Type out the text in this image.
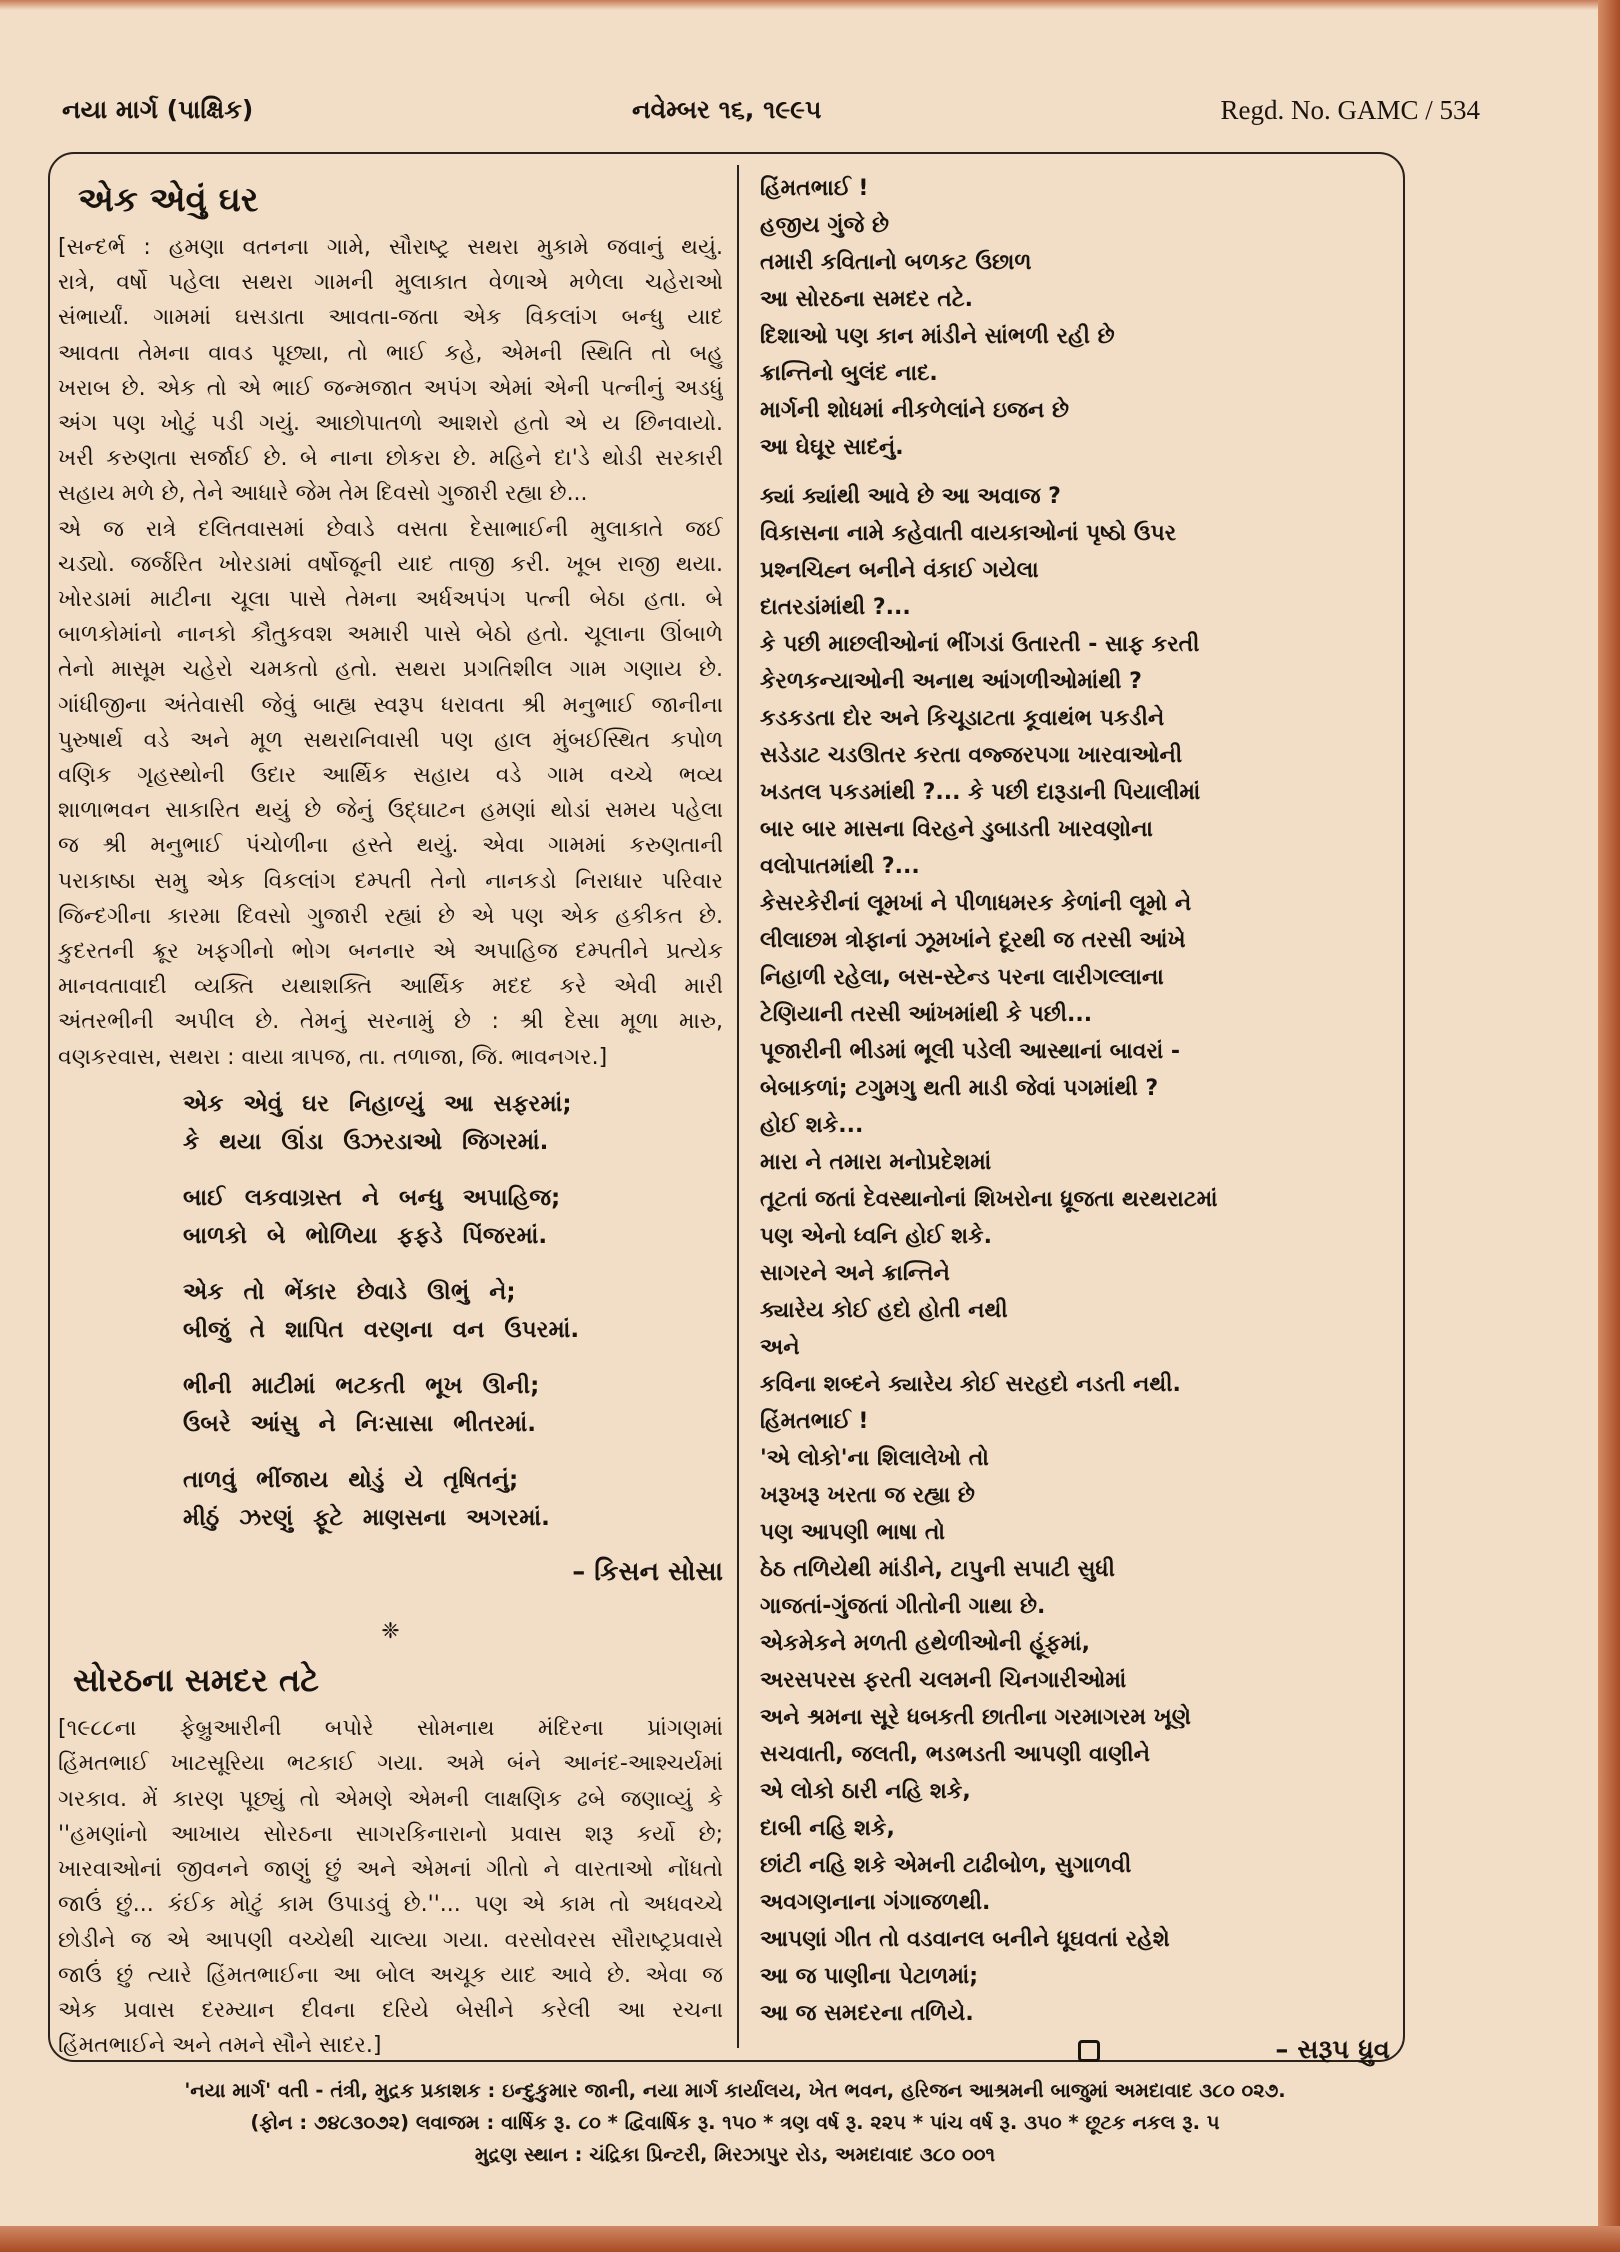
નયા માર્ગ (પાક્ષિક)	નવેમ્બર ૧૬, ૧૯૯૫	Regd. No. GAMC / 534
એક એવું ઘર
[સન્દર્ભ : હમણા વતનના ગામે, સૌરાષ્ટ્ર સથરા મુકામે જવાનું થયું.
રાત્રે, વર્ષો પહેલા સથરા ગામની મુલાકાત વેળાએ મળેલા ચહેરાઓ
સંભાર્યાં. ગામમાં ઘસડાતા આવતા-જતા એક વિકલાંગ બન્ધુ યાદ
આવતા તેમના વાવડ પૂછ્યા, તો ભાઈ કહે, એમની સ્થિતિ તો બહુ
ખરાબ છે. એક તો એ ભાઈ જન્મજાત અપંગ એમાં એની પત્નીનું અડધું
અંગ પણ ખોટું પડી ગયું. આછોપાતળો આશરો હતો એ ય છિનવાયો.
ખરી કરુણતા સર્જાઈ છે. બે નાના છોકરા છે. મહિને દા'ડે થોડી સરકારી
સહાય મળે છે, તેને આધારે જેમ તેમ દિવસો ગુજારી રહ્યા છે...
એ જ રાત્રે દલિતવાસમાં છેવાડે વસતા દેસાભાઈની મુલાકાતે જઈ
ચડ્યો. જર્જરિત ખોરડામાં વર્ષોજૂની યાદ તાજી કરી. ખૂબ રાજી થયા.
ખોરડામાં માટીના ચૂલા પાસે તેમના અર્ધઅપંગ પત્ની બેઠા હતા. બે
બાળકોમાંનો નાનકો કૌતુકવશ અમારી પાસે બેઠો હતો. ચૂલાના ઊંબાળે
તેનો માસૂમ ચહેરો ચમકતો હતો. સથરા પ્રગતિશીલ ગામ ગણાય છે.
ગાંધીજીના અંતેવાસી જેવું બાહ્ય સ્વરૂપ ધરાવતા શ્રી મનુભાઈ જાનીના
પુરુષાર્થ વડે અને મૂળ સથરાનિવાસી પણ હાલ મુંબઈસ્થિત કપોળ
વણિક ગૃહસ્થોની ઉદાર આર્થિક સહાય વડે ગામ વચ્ચે ભવ્ય
શાળાભવન સાકારિત થયું છે જેનું ઉદ્ઘાટન હમણાં થોડાં સમય પહેલા
જ શ્રી મનુભાઈ પંચોળીના હસ્તે થયું. એવા ગામમાં કરુણતાની
પરાકાષ્ઠા સમુ એક વિકલાંગ દમ્પતી તેનો નાનકડો નિરાધાર પરિવાર
જિન્દગીના કારમા દિવસો ગુજારી રહ્યાં છે એ પણ એક હકીકત છે.
કુદરતની ક્રૂર ખફગીનો ભોગ બનનાર એ અપાહિજ દમ્પતીને પ્રત્યેક
માનવતાવાદી વ્યક્તિ યથાશક્તિ આર્થિક મદદ કરે એવી મારી
અંતરભીની અપીલ છે. તેમનું સરનામું છે : શ્રી દેસા મૂળા મારુ,
વણકરવાસ, સથરા : વાયા ત્રાપજ, તા. તળાજા, જિ. ભાવનગર.]
એક એવું ઘર નિહાળ્યું આ સફરમાં;
કે થયા ઊંડા ઉઝરડાઓ જિગરમાં.
બાઈ લકવાગ્રસ્ત ને બન્ધુ અપાહિજ;
બાળકો બે ભોળિયા ફફડે પિંજરમાં.
એક તો ભેંકાર છેવાડે ઊભું ને;
બીજું તે શાપિત વરણના વન ઉપરમાં.
ભીની માટીમાં ભટકતી ભૂખ ઊની;
ઉબરે આંસુ ને નિઃસાસા ભીતરમાં.
તાળવું ભીંજાય થોડું યે તૃષિતનું;
મીઠું ઝરણું ફૂટે માણસના અગરમાં.
– કિસન સોસા
❈
સોરઠના સમદર તટે
[૧૯૮૮ના ફેબ્રુઆરીની બપોરે સોમનાથ મંદિરના પ્રાંગણમાં
હિંમતભાઈ ખાટસૂરિયા ભટકાઈ ગયા. અમે બંને આનંદ-આશ્ચર્યમાં
ગરકાવ. મેં કારણ પૂછ્યું તો એમણે એમની લાક્ષણિક ઢબે જણાવ્યું કે
''હમણાંનો આખાય સોરઠના સાગરકિનારાનો પ્રવાસ શરૂ કર્યો છે;
ખારવાઓનાં જીવનને જાણું છું અને એમનાં ગીતો ને વારતાઓ નોંધતો
જાઉં છું... કંઈક મોટું કામ ઉપાડવું છે.''... પણ એ કામ તો અધવચ્ચે
છોડીને જ એ આપણી વચ્ચેથી ચાલ્યા ગયા. વરસોવરસ સૌરાષ્ટ્રપ્રવાસે
જાઉં છું ત્યારે હિંમતભાઈના આ બોલ અચૂક યાદ આવે છે. એવા જ
એક પ્રવાસ દરમ્યાન દીવના દરિયે બેસીને કરેલી આ રચના
હિંમતભાઈને અને તમને સૌને સાદર.]
હિંમતભાઈ !
હજીય ગુંજે છે
તમારી કવિતાનો બળકટ ઉછાળ
આ સોરઠના સમદર તટે.
દિશાઓ પણ કાન માંડીને સાંભળી રહી છે
ક્રાન્તિનો બુલંદ નાદ.
માર્ગની શોધમાં નીકળેલાંને ઇજન છે
આ ઘેઘૂર સાદનું.
ક્યાં ક્યાંથી આવે છે આ અવાજ ?
વિકાસના નામે કહેવાતી વાયકાઓનાં પૃષ્ઠો ઉપર
પ્રશ્નચિહ્ન બનીને વંકાઈ ગયેલા
દાતરડાંમાંથી ?...
કે પછી માછલીઓનાં ભીંગડાં ઉતારતી - સાફ કરતી
કેરળકન્યાઓની અનાથ આંગળીઓમાંથી ?
કડકડતા દોર અને કિચૂડાટતા કૂવાથંભ પકડીને
સડેડાટ ચડઊતર કરતા વજ્જરપગા ખારવાઓની
ખડતલ પકડમાંથી ?... કે પછી દારૂડાની પિયાલીમાં
બાર બાર માસના વિરહને ડુબાડતી ખારવણોના
વલોપાતમાંથી ?...
કેસરકેરીનાં લૂમખાં ને પીળાધમરક કેળાંની લૂમો ને
લીલાછમ ત્રોફાનાં ઝૂમખાંને દૂરથી જ તરસી આંખે
નિહાળી રહેલા, બસ-સ્ટેન્ડ પરના લારીગલ્લાના
ટેણિયાની તરસી આંખમાંથી કે પછી...
પૂજારીની ભીડમાં ભૂલી પડેલી આસ્થાનાં બાવરાં -
બેબાકળાં; ટગુમગુ થતી માડી જેવાં પગમાંથી ?
હોઈ શકે...
મારા ને તમારા મનોપ્રદેશમાં
તૂટતાં જતાં દેવસ્થાનોનાં શિખરોના ધ્રૂજતા થરથરાટમાં
પણ એનો ધ્વનિ હોઈ શકે.
સાગરને અને ક્રાન્તિને
ક્યારેય કોઈ હદો હોતી નથી
અને
કવિના શબ્દને ક્યારેય કોઈ સરહદો નડતી નથી.
હિંમતભાઈ !
'એ લોકો'ના શિલાલેખો તો
ખરૂખરૂ ખરતા જ રહ્યા છે
પણ આપણી ભાષા તો
ઠેઠ તળિયેથી માંડીને, ટાપુની સપાટી સુધી
ગાજતાં-ગુંજતાં ગીતોની ગાથા છે.
એકમેકને મળતી હથેળીઓની હૂંફમાં,
અરસપરસ ફરતી ચલમની ચિનગારીઓમાં
અને શ્રમના સૂરે ધબકતી છાતીના ગરમાગરમ ખૂણે
સચવાતી, જલતી, ભડભડતી આપણી વાણીને
એ લોકો ઠારી નહિ શકે,
દાબી નહિ શકે,
છાંટી નહિ શકે એમની ટાઢીબોળ, સુગાળવી
અવગણનાના ગંગાજળથી.
આપણાં ગીત તો વડવાનલ બનીને ધૂઘવતાં રહેશે
આ જ પાણીના પેટાળમાં;
આ જ સમદરના તળિયે.
– સરૂપ ધ્રુવ
'નયા માર્ગ' વતી - તંત્રી, મુદ્રક પ્રકાશક : ઇન્દુકુમાર જાની, નયા માર્ગ કાર્યાલય, ખેત ભવન, હરિજન આશ્રમની બાજુમાં અમદાવાદ ૩૮૦ ૦૨૭.
(ફોન : ૭૪૮૩૦૭૨) લવાજમ : વાર્ષિક રૂ. ૮૦ * દ્વિવાર્ષિક રૂ. ૧૫૦ * ત્રણ વર્ષ રૂ. ૨૨૫ * પાંચ વર્ષ રૂ. ૩૫૦ * છૂટક નકલ રૂ. ૫
મુદ્રણ સ્થાન : ચંદ્રિકા પ્રિન્ટરી, મિરઝાપુર રોડ, અમદાવાદ ૩૮૦ ૦૦૧
